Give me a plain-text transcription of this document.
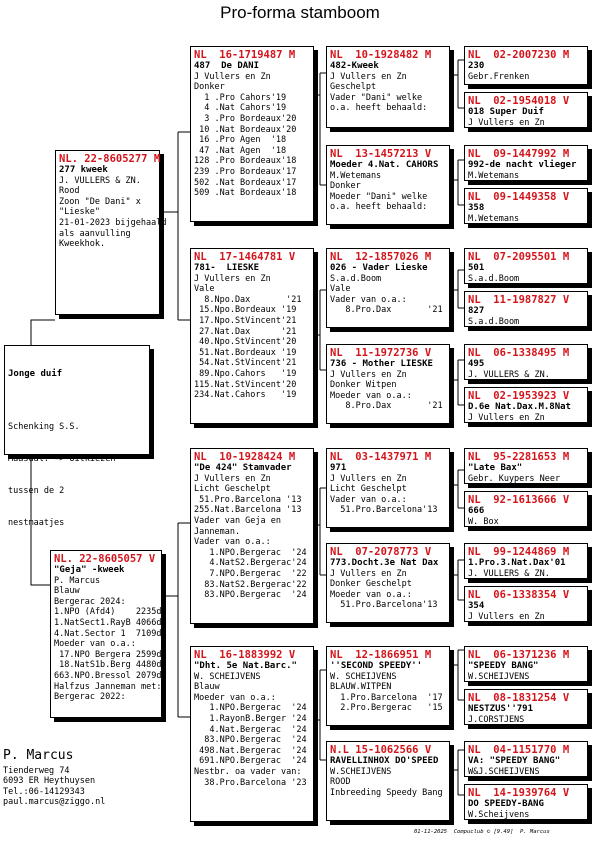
Pro-forma stamboom

Jonge duif

Schenking S.S.

Maasdal. -> Uitkiezen

tussen de 2

nestmaatjes

NL. 22-8605277 M
277 kweek
J. VULLERS & ZN.
Rood
Zoon "De Dani" x
"Lieske"
21-01-2023 bijgehaald
als aanvulling
Kweekhok.
NL. 22-8605057 V
"Geja" -kweek
P. Marcus
Blauw
Bergerac 2024:
1.NPO (Afd4)    2235d.
1.NatSect1.RayB 4066d.
4.Nat.Sector 1  7109d.
Moeder van o.a.:
17.NPO Bergera 2599d.
18.NatS1b.Berg 4480d.
663.NPO.Bressol 2079d.
Halfzus Janneman met:
Bergerac 2022:
NL  16-1719487 M
487  De DANI
J Vullers en Zn
Donker
1 .Pro Cahors'19
4 .Nat Cahors'19
3 .Pro Bordeaux'20
10 .Nat Bordeaux'20
16 .Pro Agen  '18
47 .Nat Agen  '18
128 .Pro Bordeaux'18
239 .Pro Bordeaux'17
502 .Nat Bordeaux'17
509 .Nat Bordeaux'18
NL  17-1464781 V
781-  LIESKE
J Vullers en Zn
Vale
8.Npo.Dax       '21
15.Npo.Bordeaux '19
17.Npo.StVincent'21
27.Nat.Dax      '21
40.Npo.StVincent'20
51.Nat.Bordeaux '19
54.Nat.StVincent'21
89.Npo.Cahors   '19
115.Nat.StVincent'20
234.Nat.Cahors   '19
NL  10-1928424 M
"De 424" Stamvader
J Vullers en Zn
Licht Geschelpt
51.Pro.Barcelona '13
255.Nat.Barcelona '13
Vader van Geja en
Janneman.
Vader van o.a.:
1.NPO.Bergerac  '24
4.NatS2.Bergerac'24
7.NPO.Bergerac  '22
83.NatS2.Bergerac'22
83.NPO.Bergerac  '24
NL  16-1883992 V
"Dht. 5e Nat.Barc."
W. SCHEIJVENS
Blauw
Moeder van o.a.:
1.NPO.Bergerac  '24
1.RayonB.Berger '24
4.Nat.Bergerac  '24
83.NPO.Bergerac  '24
498.Nat.Bergerac  '24
691.NPO.Bergerac  '24
Nestbr. oa vader van:
38.Pro.Barcelona '23
NL  10-1928482 M
482-Kweek
J Vullers en Zn
Geschelpt
Vader "Dani" welke
o.a. heeft behaald:
NL  13-1457213 V
Moeder 4.Nat. CAHORS
M.Wetemans
Donker
Moeder "Dani" welke
o.a. heeft behaald:
NL  12-1857026 M
026 - Vader Lieske
S.a.d.Boom
Vale
Vader van o.a.:
8.Pro.Dax       '21
NL  11-1972736 V
736 - Mother LIESKE
J Vullers en Zn
Donker Witpen
Moeder van o.a.:
8.Pro.Dax       '21
NL  03-1437971 M
971
J Vullers en Zn
Licht Geschelpt
Vader van o.a.:
51.Pro.Barcelona'13
NL  07-2078773 V
773.Docht.3e Nat Dax
J Vullers en Zn
Donker Geschelpt
Moeder van o.a.:
51.Pro.Barcelona'13
NL  12-1866951 M
''SECOND SPEEDY''
W. SCHEIJVENS
BLAUW.WITPEN
1.Pro.Barcelona  '17
2.Pro.Bergerac   '15
N.L 15-1062566 V
RAVELLINHOX DO'SPEED
W.SCHEIJVENS
ROOD
Inbreeding Speedy Bang
NL  02-2007230 M
230
Gebr.Frenken
NL  02-1954018 V
018 Super Duif
J Vullers en Zn
NL  09-1447992 M
992-de nacht vlieger
M.Wetemans
NL  09-1449358 V
358
M.Wetemans
NL  07-2095501 M
501
S.a.d.Boom
NL  11-1987827 V
827
S.a.d.Boom
NL  06-1338495 M
495
J. VULLERS & ZN.
NL  02-1953923 V
D.6e Nat.Dax.M.8Nat
J Vullers en Zn
NL  95-2281653 M
"Late Bax"
Gebr. Kuypers Neer
NL  92-1613666 V
666
W. Box
NL  99-1244869 M
1.Pro.3.Nat.Dax'01
J. VULLERS & ZN.
NL  06-1338354 V
354
J Vullers en Zn
NL  06-1371236 M
"SPEEDY BANG"
W.SCHEIJVENS
NL  08-1831254 V
NESTZUS''791
J.CORSTJENS
NL  04-1151770 M
VA: "SPEEDY BANG"
W&J.SCHEIJVENS
NL  14-1939764 V
DO SPEEDY-BANG
W.Scheijvens
P. Marcus
Tienderweg 74
6093 ER Heythuysen
Tel.:06-14129343
paul.marcus@ziggo.nl
01-11-2025  Compuclub © [9.49]  P. Marcus
